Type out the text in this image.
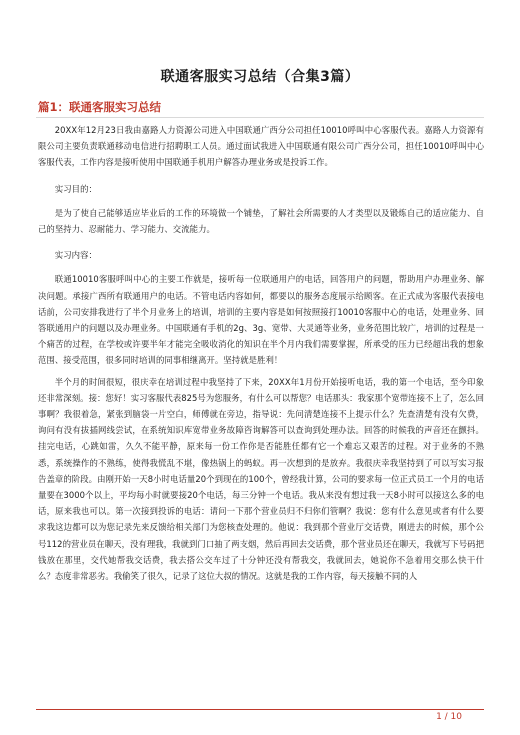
联通客服实习总结（合集3篇）
篇1：联通客服实习总结

20XX年12月23日我由嘉路人力资源公司进入中国联通广西分公司担任10010呼叫中心客服代表。嘉路人力资源有限公司主要负责联通移动电信进行招聘职工人员。通过面试我进入中国联通有限公司广西分公司，担任10010呼叫中心客服代表，工作内容是接听使用中国联通手机用户解答办理业务或是投诉工作。

实习目的：

是为了使自己能够适应毕业后的工作的环境做一个铺垫，了解社会所需要的人才类型以及锻炼自己的适应能力、自己的坚持力、忍耐能力、学习能力、交流能力。

实习内容：

联通10010客服呼叫中心的主要工作就是，接听每一位联通用户的电话，回答用户的问题，帮助用户办理业务、解决问题。承接广西所有联通用户的电话。不管电话内容如何，都要以的服务态度展示给顾客。在正式成为客服代表接电话前，公司安排我进行了半个月业务上的培训，培训的主要内容是如何按照接打10010客服中心的电话，处理业务、回答联通用户的问题以及办理业务。中国联通有手机的2g、3g、宽带、大灵通等业务，业务范围比较广，培训的过程是一个痛苦的过程，在学校或许要半年才能完全吸收消化的知识在半个月内我们需要掌握，所承受的压力已经超出我的想象范围、接受范围，很多同时培训的同事相继离开。坚持就是胜利！

半个月的时间很短，很庆幸在培训过程中我坚持了下来，20XX年1月份开始接听电话，我的第一个电话，至今印象还非常深刻。接：您好！实习客服代表825号为您服务，有什么可以帮您？电话那头：我家那个宽带连接不上了，怎么回事啊？我很着急，紧张到脑袋一片空白，师傅就在旁边，指导说：先问清楚连接不上提示什么？先查清楚有没有欠费，询问有没有拔插网线尝试，在系统知识库宽带业务故障咨询解答可以查询到处理办法。回答的时候我的声音还在颤抖。挂完电话，心跳如雷，久久不能平静，原来每一份工作你是否能胜任都有它一个难忘又艰苦的过程。对于业务的不熟悉，系统操作的不熟练，使得我慌乱不堪，像热锅上的蚂蚁。再一次想到的是放弃。我很庆幸我坚持到了可以写实习报告盖章的阶段。由刚开始一天8小时电话量20个到现在的100个，曾经我计算，公司的要求每一位正式员工一个月的电话量要在3000个以上，平均每小时就要接20个电话，每三分钟一个电话。我从来没有想过我一天8小时可以接这么多的电话，原来我也可以。第一次接到投诉的电话：请问一下那个营业员归不归你们管啊？我说：您有什么意见或者有什么要求我这边都可以为您记录先来反馈给相关部门为您核查处理的。他说：我到那个营业厅交话费，刚进去的时候，那个公号112的营业员在聊天，没有理我，我就到门口抽了两支烟，然后再回去交话费，那个营业员还在聊天，我就写下号码把钱放在那里，交代她帮我交话费，我去搭公交车过了十分钟还没有帮我交，我就回去，她说你不急着用交那么快干什么？态度非常恶劣。我偷笑了很久，记录了这位大叔的情况。这就是我的工作内容，每天接触不同的人

1 / 10
